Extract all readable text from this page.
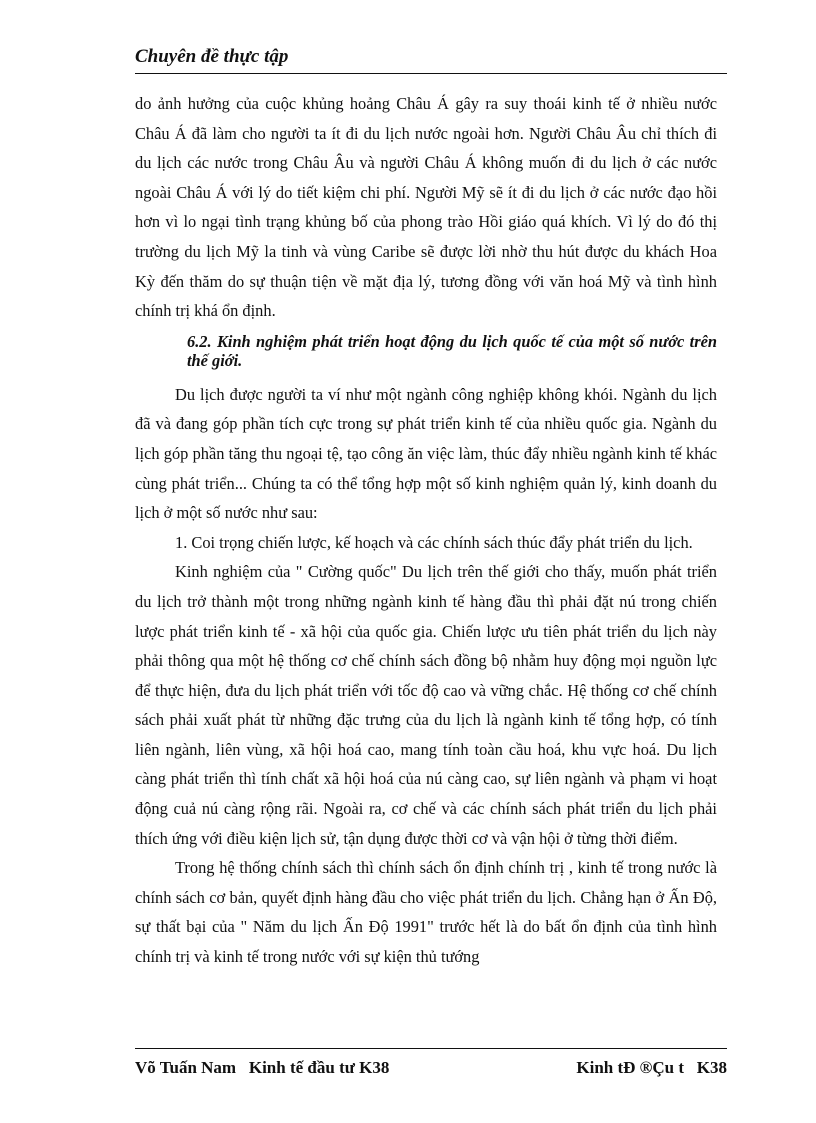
Chuyên đề thực tập

do ảnh hưởng của cuộc khủng hoảng Châu Á gây ra suy thoái kinh tế ở nhiều nước Châu Á đã làm cho người ta ít đi du lịch nước ngoài hơn. Người Châu Âu chỉ thích đi du lịch các nước trong Châu Âu và người Châu Á không muốn đi du lịch ở các nước ngoài Châu Á với lý do tiết kiệm chi phí. Người Mỹ sẽ ít đi du lịch ở các nước đạo hồi hơn vì lo ngại tình trạng khủng bố của phong trào Hồi giáo quá khích. Vì lý do đó thị trường du lịch Mỹ la tinh và vùng Caribe sẽ được lời nhờ thu hút được du khách Hoa Kỳ đến thăm do sự thuận tiện về mặt địa lý, tương đồng với văn hoá Mỹ và tình hình chính trị khá ổn định.

6.2. Kinh nghiệm phát triển hoạt động du lịch quốc tế của một số nước trên thế giới.

Du lịch được người ta ví như một ngành công nghiệp không khói. Ngành du lịch đã và đang góp phần tích cực trong sự phát triển kinh tế của nhiều quốc gia. Ngành du lịch góp phần tăng thu ngoại tệ, tạo công ăn việc làm, thúc đẩy nhiều ngành kinh tế khác cùng phát triển... Chúng ta có thể tổng hợp một số kinh nghiệm quản lý, kinh doanh du lịch ở một số nước như sau:

1. Coi trọng chiến lược, kế hoạch và các chính sách thúc đẩy phát triển du lịch.

Kinh nghiệm của " Cường quốc" Du lịch trên thế giới cho thấy, muốn phát triển du lịch trở thành một trong những ngành kinh tế hàng đầu thì phải đặt nú trong chiến lược phát triển kinh tế - xã hội của quốc gia. Chiến lược ưu tiên phát triển du lịch này phải thông qua một hệ thống cơ chế chính sách đồng bộ nhằm huy động mọi nguồn lực để thực hiện, đưa du lịch phát triển với tốc độ cao và vững chắc. Hệ thống cơ chế chính sách phải xuất phát từ những đặc trưng của du lịch là ngành kinh tế tổng hợp, có tính liên ngành, liên vùng, xã hội hoá cao, mang tính toàn cầu hoá, khu vực hoá. Du lịch càng phát triển thì tính chất xã hội hoá của nú càng cao, sự liên ngành và phạm vi hoạt động cuả nú càng rộng rãi. Ngoài ra, cơ chế và các chính sách phát triển du lịch phải thích ứng với điều kiện lịch sử, tận dụng được thời cơ và vận hội ở từng thời điểm.

Trong hệ thống chính sách thì chính sách ổn định chính trị , kinh tế trong nước là chính sách cơ bản, quyết định hàng đầu cho việc phát triển du lịch. Chẳng hạn ở Ấn Độ, sự thất bại của " Năm du lịch Ấn Độ 1991" trước hết là do bất ổn định của tình hình chính trị và kinh tế trong nước với sự kiện thủ tướng

Võ Tuấn Nam   Kinh tế đầu tư K38	Kinh tÐ ®Çu t   K38
